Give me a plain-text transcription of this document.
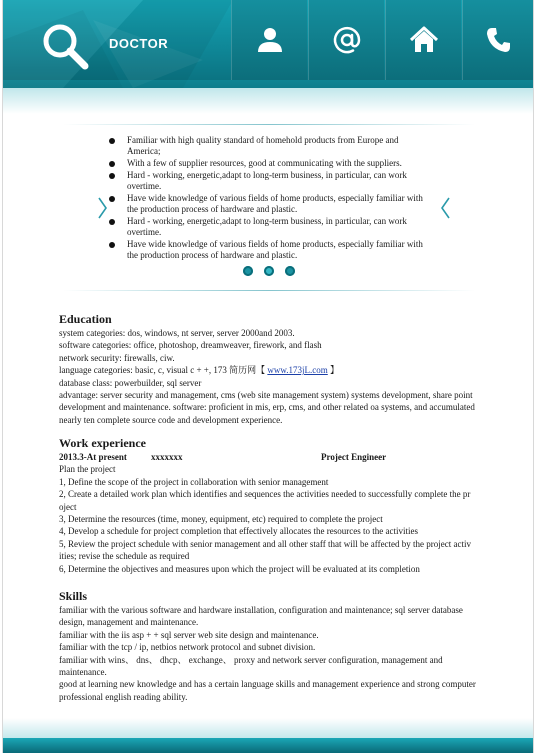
DOCTOR
Familiar with high quality standard of homehold products from Europe and America;
With a few of supplier resources, good at communicating with the suppliers.
Hard - working, energetic,adapt to long-term business, in particular, can work overtime.
Have wide knowledge of various fields of home products, especially familiar with the production process of hardware and plastic.
Hard - working, energetic,adapt to long-term business, in particular, can work overtime.
Have wide knowledge of various fields of home products, especially familiar with the production process of hardware and plastic.
Education

system categories: dos, windows, nt server, server 2000and 2003.

software categories: office, photoshop, dreamweaver, firework, and flash

network security: firewalls, ciw.

language categories: basic, c, visual c + +, 173 简历网【 www.173jL.com 】

database class: powerbuilder, sql server

advantage: server security and management, cms (web site management system) systems development, share point development and maintenance. software: proficient in mis, erp, cms, and other related oa systems, and accumulated nearly ten complete source code and development experience.

Work experience
2013.3-At present	xxxxxxx	Project Engineer

Plan the project

1, Define the scope of the project in collaboration with senior management

2, Create a detailed work plan which identifies and sequences the activities needed to successfully complete the pr oject

3, Determine the resources (time, money, equipment, etc) required to complete the project

4, Develop a schedule for project completion that effectively allocates the resources to the activities

5, Review the project schedule with senior management and all other staff that will be affected by the project activ ities; revise the schedule as required

6, Determine the objectives and measures upon which the project will be evaluated at its completion

Skills

familiar with the various software and hardware installation, configuration and maintenance; sql server database design, management and maintenance.

familiar with the iis asp + + sql server web site design and maintenance.

familiar with the tcp / ip, netbios network protocol and subnet division.

familiar with wins、 dns、 dhcp、 exchange、 proxy and network server configuration, management and maintenance.

good at learning new knowledge and has a certain language skills and management experience and strong computer professional english reading ability.
